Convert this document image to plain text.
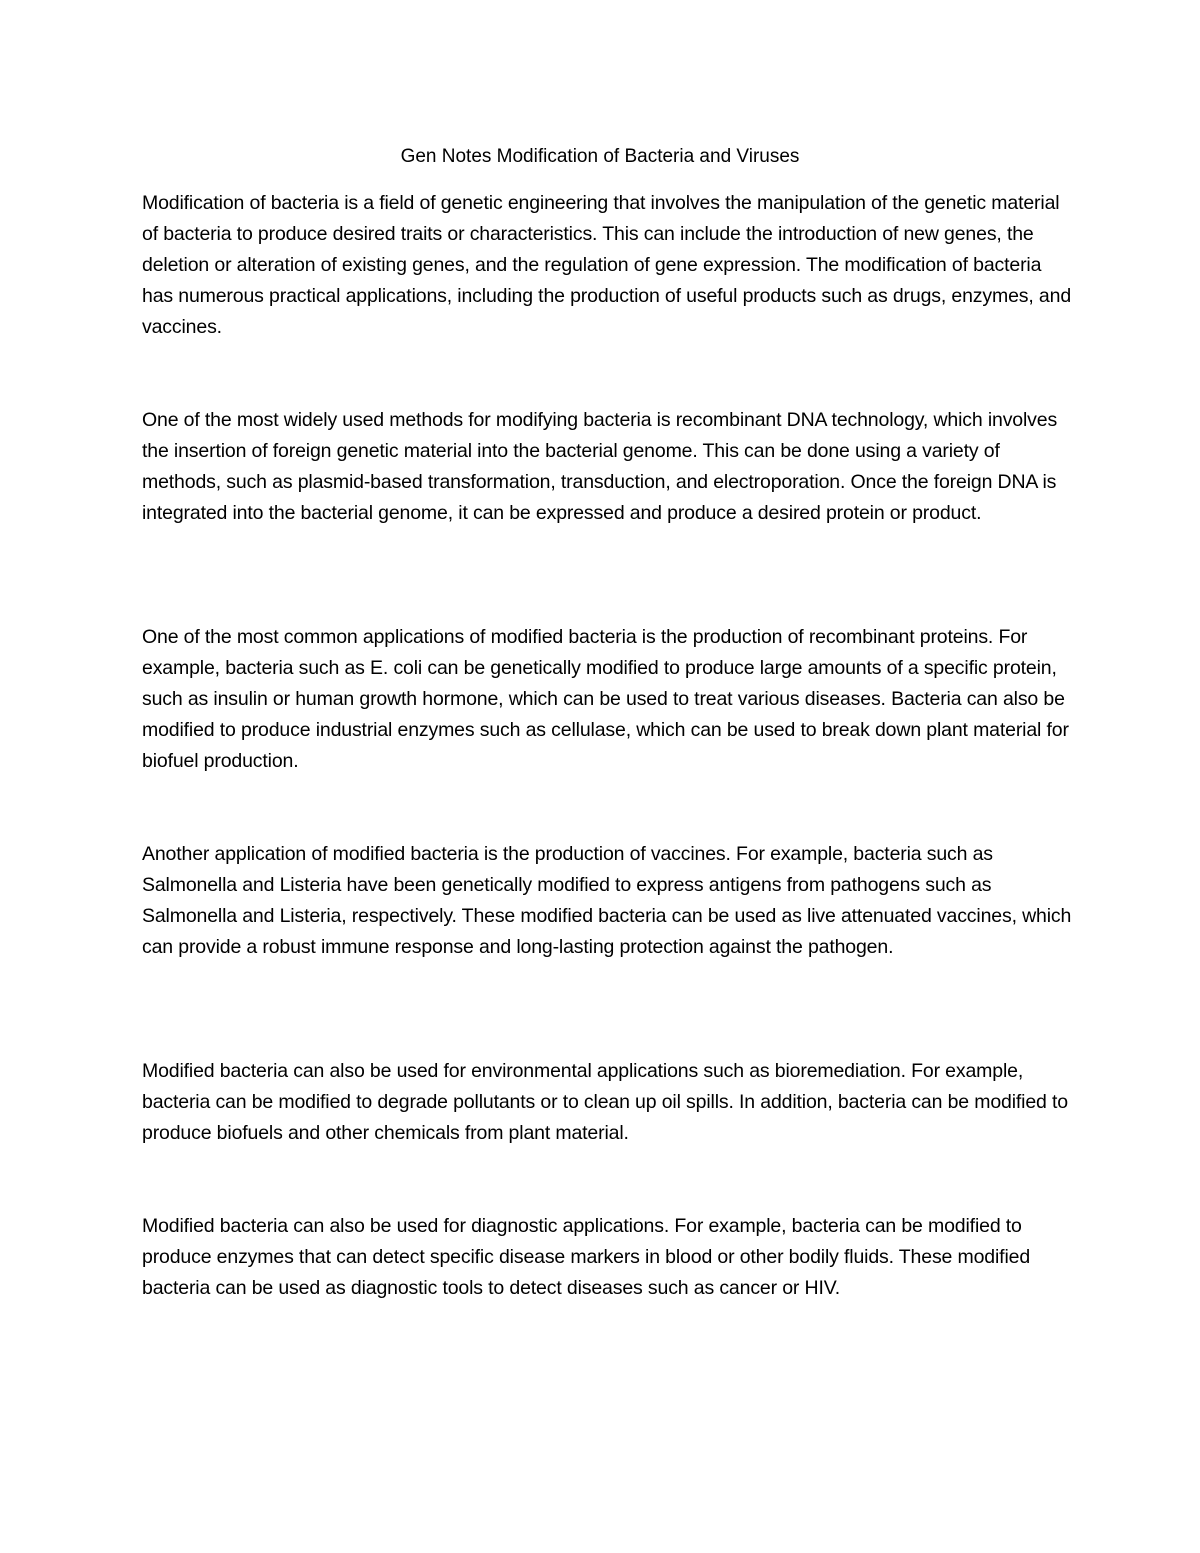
Gen Notes Modification of Bacteria and Viruses

Modification of bacteria is a field of genetic engineering that involves the manipulation of the genetic material of bacteria to produce desired traits or characteristics. This can include the introduction of new genes, the deletion or alteration of existing genes, and the regulation of gene expression. The modification of bacteria has numerous practical applications, including the production of useful products such as drugs, enzymes, and vaccines.

One of the most widely used methods for modifying bacteria is recombinant DNA technology, which involves the insertion of foreign genetic material into the bacterial genome. This can be done using a variety of methods, such as plasmid-based transformation, transduction, and electroporation. Once the foreign DNA is integrated into the bacterial genome, it can be expressed and produce a desired protein or product.

One of the most common applications of modified bacteria is the production of recombinant proteins. For example, bacteria such as E. coli can be genetically modified to produce large amounts of a specific protein, such as insulin or human growth hormone, which can be used to treat various diseases. Bacteria can also be modified to produce industrial enzymes such as cellulase, which can be used to break down plant material for biofuel production.

Another application of modified bacteria is the production of vaccines. For example, bacteria such as Salmonella and Listeria have been genetically modified to express antigens from pathogens such as Salmonella and Listeria, respectively. These modified bacteria can be used as live attenuated vaccines, which can provide a robust immune response and long-lasting protection against the pathogen.

Modified bacteria can also be used for environmental applications such as bioremediation. For example, bacteria can be modified to degrade pollutants or to clean up oil spills. In addition, bacteria can be modified to produce biofuels and other chemicals from plant material.

Modified bacteria can also be used for diagnostic applications. For example, bacteria can be modified to produce enzymes that can detect specific disease markers in blood or other bodily fluids. These modified bacteria can be used as diagnostic tools to detect diseases such as cancer or HIV.
